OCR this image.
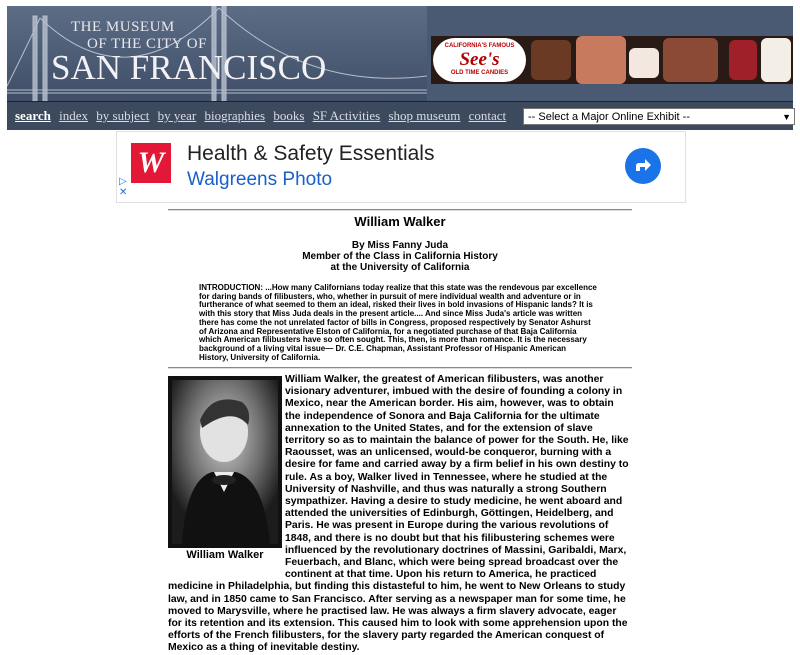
THE MUSEUM
OF THE CITY OF
SAN FRANCISCO
CALIFORNIA'S FAMOUS
See's
OLD TIME CANDIES
search index by subject by year biographies books SF Activities shop museum contact	-- Select a Major Online Exhibit --	▼
W	Health & Safety Essentials
Walgreens Photo
▷
✕
William Walker
By Miss Fanny Juda
Member of the Class in California History
at the University of California
INTRODUCTION: ...How many Californians today realize that this state was the rendevous par excellence for daring bands of filibusters, who, whether in pursuit of mere individual wealth and adventure or in furtherance of what seemed to them an ideal, risked their lives in bold invasions of Hispanic lands? It is with this story that Miss Juda deals in the present article.... And since Miss Juda's article was written there has come the not unrelated factor of bills in Congress, proposed respectively by Senator Ashurst of Arizona and Representative Elston of California, for a negotiated purchase of that Baja California which American filibusters have so often sought. This, then, is more than romance. It is the necessary background of a living vital issue— Dr. C.E. Chapman, Assistant Professor of Hispanic American History, University of California.
William Walker
William Walker, the greatest of American filibusters, was another visionary adventurer, imbued with the desire of founding a colony in Mexico, near the American border. His aim, however, was to obtain the independence of Sonora and Baja California for the ultimate annexation to the United States, and for the extension of slave territory so as to maintain the balance of power for the South. He, like Raousset, was an unlicensed, would-be conqueror, burning with a desire for fame and carried away by a firm belief in his own destiny to rule. As a boy, Walker lived in Tennessee, where he studied at the University of Nashville, and thus was naturally a strong Southern sympathizer. Having a desire to study medicine, he went aboard and attended the universities of Edinburgh, Göttingen, Heidelberg, and Paris. He was present in Europe during the various revolutions of 1848, and there is no doubt but that his filibustering schemes were influenced by the revolutionary doctrines of Massini, Garibaldi, Marx, Feuerbach, and Blanc, which were being spread broadcast over the continent at that time. Upon his return to America, he practiced medicine in Philadelphia, but finding this distasteful to him, he went to New Orleans to study law, and in 1850 came to San Francisco. After serving as a newspaper man for some time, he moved to Marysville, where he practised law. He was always a firm slavery advocate, eager for its retention and its extension. This caused him to look with some apprehension upon the efforts of the French filibusters, for the slavery party regarded the American conquest of Mexico as a thing of inevitable destiny.
